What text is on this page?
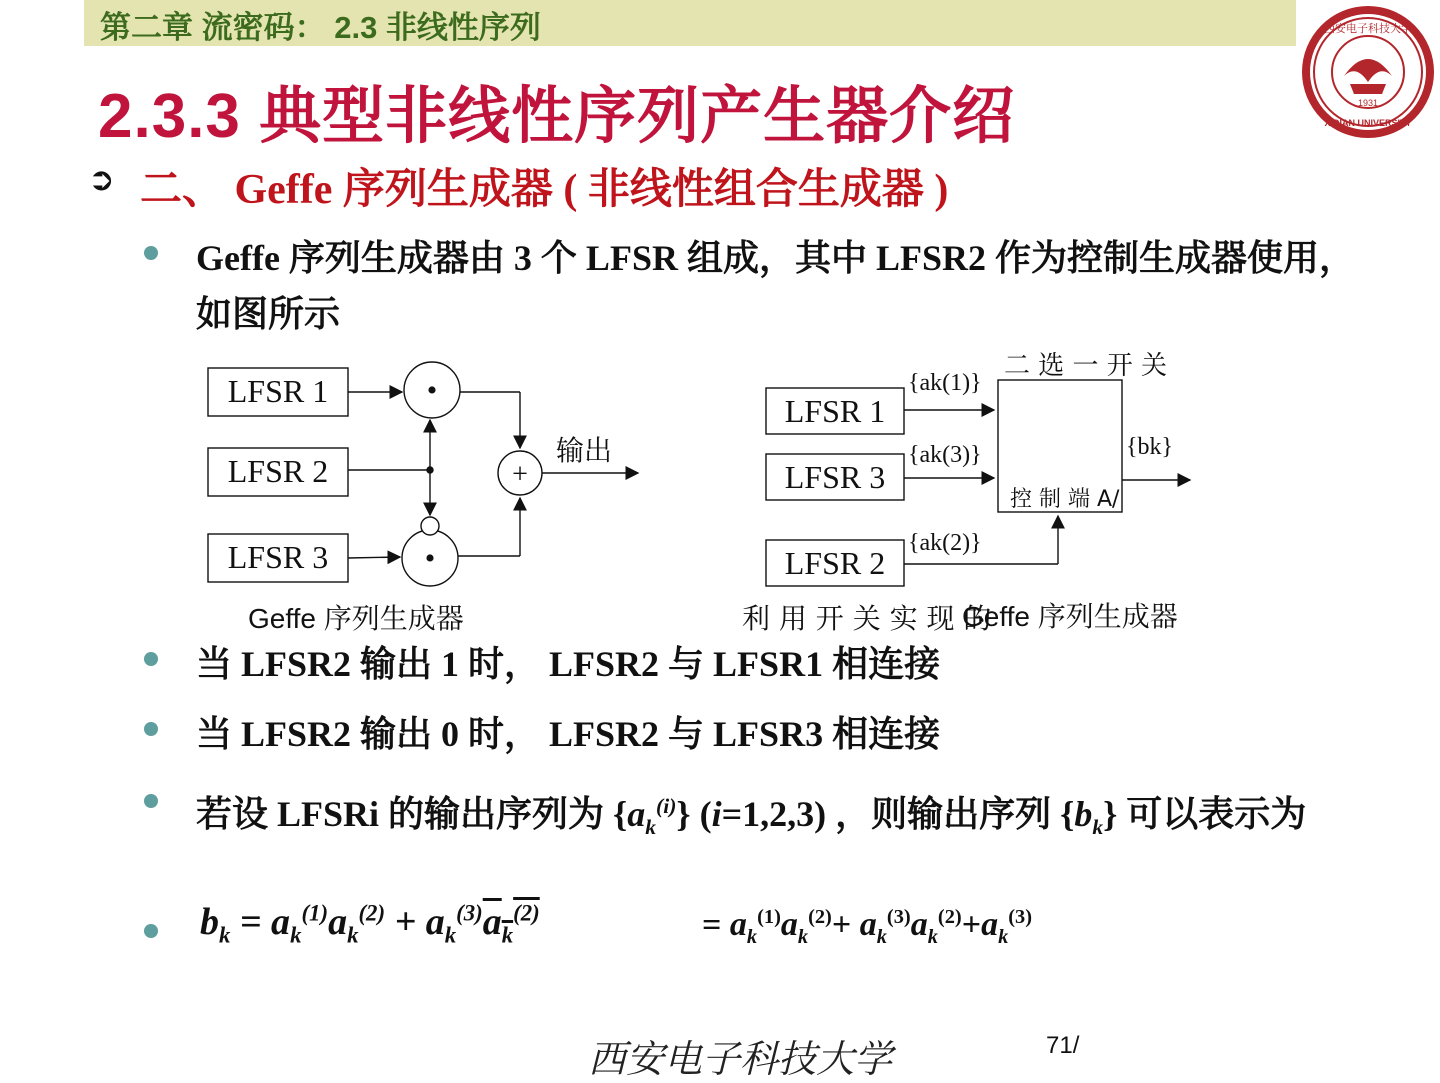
第二章 流密码： 2.3 非线性序列
2.3.3 典型非线性序列产生器介绍	1931
西安电子科技大学
XIDIAN UNIVERSITY
➲ 二、 Geffe 序列生成器 ( 非线性组合生成器 )
Geffe 序列生成器由 3 个 LFSR 组成，其中 LFSR2 作为控制生成器使用，如图所示
LFSR 1
LFSR 2
LFSR 3
•
•
+
输出
Geffe 序列生成器
LFSR 1
LFSR 3
LFSR 2
{ak(1)}
{ak(3)}
{ak(2)}
二 选 一 开 关
控 制 端 A/
{bk}
利 用 开 关 实 现 的
Geffe 序列生成器
当 LFSR2 输出 1 时， LFSR2 与 LFSR1 相连接
当 LFSR2 输出 0 时， LFSR2 与 LFSR3 相连接
若设 LFSRi 的输出序列为 $\{a_k^{(i)}\}$ (i=1,2,3) ，则输出序列 $\{b_k\}$ 可以表示为
$b_k = a_k^{(1)}a_k^{(2)} + a_k^{(3)}a_k^{(2)}$	= $a_k^{(1)}a_k^{(2)}+ a_k^{(3)}a_k^{(2)}+a_k^{(3)}$
西安电子科技大学	71/
